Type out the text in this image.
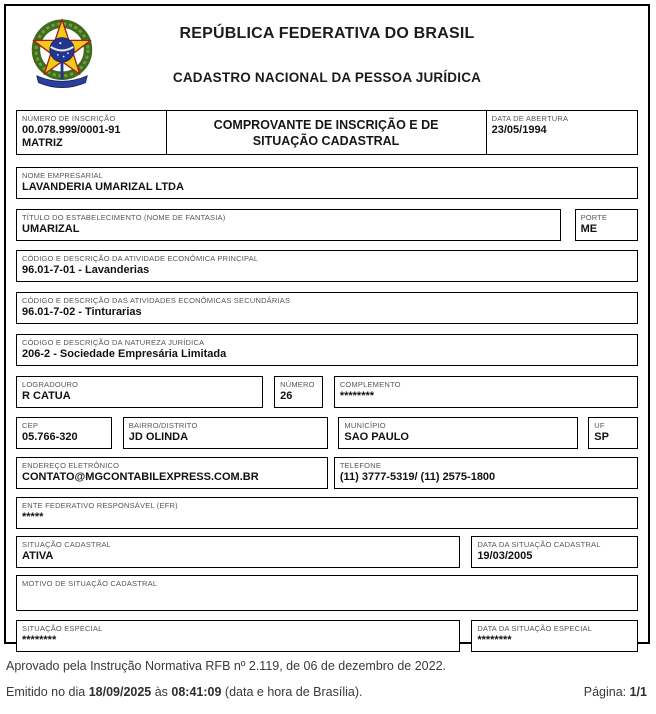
REPÚBLICA FEDERATIVA DO BRASIL
CADASTRO NACIONAL DA PESSOA JURÍDICA
NÚMERO DE INSCRIÇÃO
00.078.999/0001-91
MATRIZ
COMPROVANTE DE INSCRIÇÃO E DE SITUAÇÃO CADASTRAL
DATA DE ABERTURA
23/05/1994
NOME EMPRESARIAL
LAVANDERIA UMARIZAL LTDA
TÍTULO DO ESTABELECIMENTO (NOME DE FANTASIA)
UMARIZAL
PORTE
ME
CÓDIGO E DESCRIÇÃO DA ATIVIDADE ECONÔMICA PRINCIPAL
96.01-7-01 - Lavanderias
CÓDIGO E DESCRIÇÃO DAS ATIVIDADES ECONÔMICAS SECUNDÁRIAS
96.01-7-02 - Tinturarias
CÓDIGO E DESCRIÇÃO DA NATUREZA JURÍDICA
206-2 - Sociedade Empresária Limitada
LOGRADOURO
R CATUA
NÚMERO
26
COMPLEMENTO
********
CEP
05.766-320
BAIRRO/DISTRITO
JD OLINDA
MUNICÍPIO
SAO PAULO
UF
SP
ENDEREÇO ELETRÔNICO
CONTATO@MGCONTABILEXPRESS.COM.BR
TELEFONE
(11) 3777-5319/ (11) 2575-1800
ENTE FEDERATIVO RESPONSÁVEL (EFR)
*****
SITUAÇÃO CADASTRAL
ATIVA
DATA DA SITUAÇÃO CADASTRAL
19/03/2005
MOTIVO DE SITUAÇÃO CADASTRAL
SITUAÇÃO ESPECIAL
********
DATA DA SITUAÇÃO ESPECIAL
********
Aprovado pela Instrução Normativa RFB nº 2.119, de 06 de dezembro de 2022.
Emitido no dia 18/09/2025 às 08:41:09 (data e hora de Brasília).	Página: 1/1
